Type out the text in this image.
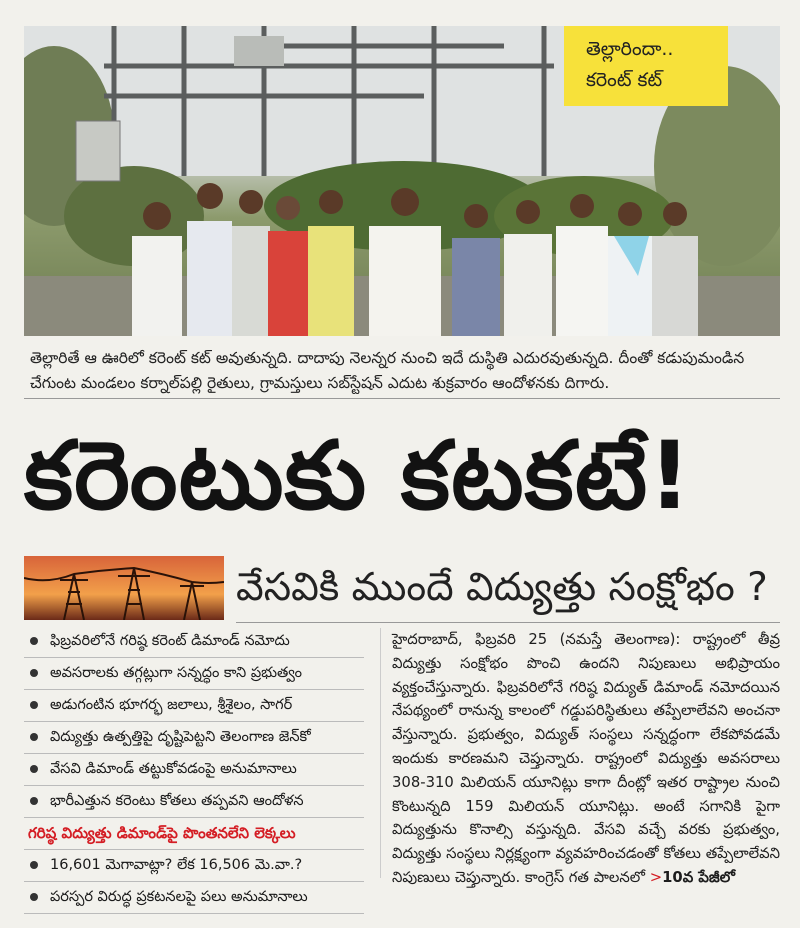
తెల్లారిందా..
కరెంట్ కట్
తెల్లారితే ఆ ఊరిలో కరెంట్ కట్ అవుతున్నది. దాదాపు నెలన్నర నుంచి ఇదే దుస్థితి ఎదురవుతున్నది. దీంతో కడుపుమండిన చేగుంట మండలం కర్నాల్‌పల్లి రైతులు, గ్రామస్తులు సబ్‌స్టేషన్ ఎదుట శుక్రవారం ఆందోళనకు దిగారు.
కరెంటుకు కటకటే!
వేసవికి ముందే విద్యుత్తు సంక్షోభం ?
ఫిబ్రవరిలోనే గరిష్ఠ కరెంట్ డిమాండ్ నమోదు
అవసరాలకు తగ్గట్లుగా సన్నద్ధం కాని ప్రభుత్వం
అడుగంటిన భూగర్భ జలాలు, శ్రీశైలం, సాగర్
విద్యుత్తు ఉత్పత్తిపై దృష్టిపెట్టని తెలంగాణ జెన్‌కో
వేసవి డిమాండ్ తట్టుకోవడంపై అనుమానాలు
భారీఎత్తున కరెంటు కోతలు తప్పవని ఆందోళన
గరిష్ఠ విద్యుత్తు డిమాండ్‌పై పొంతనలేని లెక్కలు
16,601 మెగావాట్లా? లేక 16,506 మె.వా.?
పరస్పర విరుద్ధ ప్రకటనలపై పలు అనుమానాలు
హైదరాబాద్, ఫిబ్రవరి 25 (నమస్తే తెలంగాణ): రాష్ట్రంలో తీవ్ర విద్యుత్తు సంక్షోభం పొంచి ఉందని నిపుణులు అభిప్రాయం వ్యక్తంచేస్తున్నారు. ఫిబ్రవరిలోనే గరిష్ఠ విద్యుత్ డిమాండ్ నమోదయిన నేపథ్యంలో రానున్న కాలంలో గడ్డుపరిస్థితులు తప్పేలాలేవని అంచనా వేస్తున్నారు. ప్రభుత్వం, విద్యుత్ సంస్థలు సన్నద్ధంగా లేకపోవడమే ఇందుకు కారణమని చెప్తున్నారు. రాష్ట్రంలో విద్యుత్తు అవసరాలు 308-310 మిలియన్ యూనిట్లు కాగా దీంట్లో ఇతర రాష్ట్రాల నుంచి కొంటున్నది 159 మిలియన్ యూనిట్లు. అంటే సగానికి పైగా విద్యుత్తును కొనాల్సి వస్తున్నది. వేసవి వచ్చే వరకు ప్రభుత్వం, విద్యుత్తు సంస్థలు నిర్లక్ష్యంగా వ్యవహరించడంతో కోతలు తప్పేలాలేవని నిపుణులు చెప్తున్నారు. కాంగ్రెస్ గత పాలనలో >10వ పేజీలో
